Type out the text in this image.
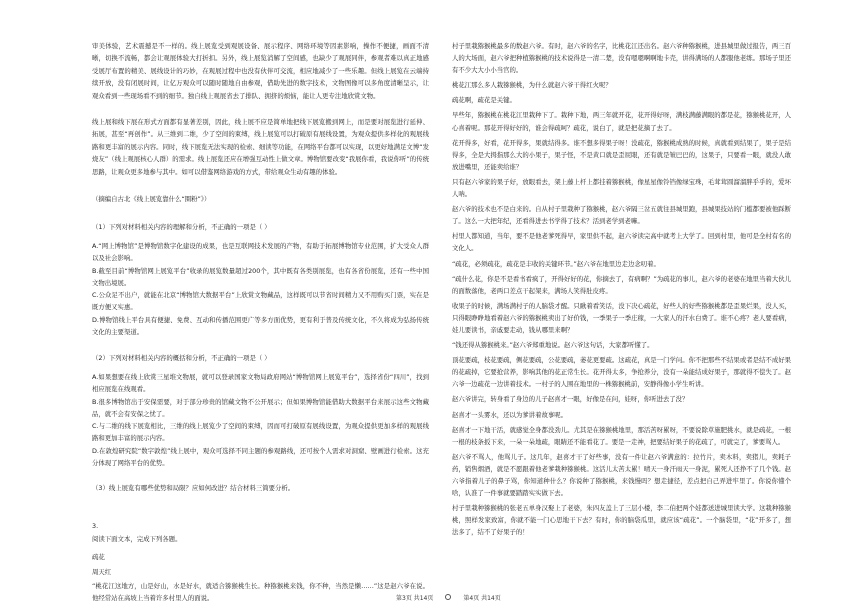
审美体验，艺术震撼是不一样的。线上展览受到观展设备、展示程序、网络环境等因素影响，操作不便捷，画面不清晰，切换不流畅，都会让观展体验大打折扣。另外，线上展览消解了空间感，也缺少了观展同伴，参观者难以真正地感受展厅布置的精美、展线设计的巧妙，在观展过程中也没有伙伴可交流，相应地减少了一些乐趣。但线上展览在云端持续开放，没有闭展时间，让亿万观众可以随时随地自由参观，借助先进的数字技术，文物图像可以多角度清晰呈示，让观众看到一些现场看不到的细节。独自线上观展省去了排队、拥挤的烦恼，能让人更专注地欣赏文物。

线上展和线下展在形式方面都有显著差别，因此，线上展不应是简单地把线下展览搬到网上，而是要对展览进行延伸、拓展，甚至“再创作”。从三维到二维，少了空间的束缚，线上展览可以打破原有展线设置，为观众提供多样化的观展线路和更丰富的展示内容。同时，线下展览无法实现的检索、细读等功能，在网络平台都可以实现，以更好地满足文博“发烧友”（线上观展核心人群）的需求。线上展览还应在增强互动性上做文章。博物馆要改变“我展你看，我说你听”的传统思路，让观众更多地参与其中。如可以借鉴网络游戏的方式，带给观众生动有趣的体验。

（摘编自古北《线上展览靠什么“圈粉”》）

（1）下列对材料相关内容的理解和分析，不正确的一项是（ ）

A.“网上博物馆”是博物馆数字化建设的成果，也是互联网技术发展的产物，有助于拓展博物馆专业范围，扩大受众人群以及社会影响。

B.截至目前“博物馆网上展览平台”收录的展览数量超过200个，其中既有各类别展览，也有各省份展览，还有一些中国文物出境展。

C.公众足不出户，就能在北京“博物馆大数据平台”上欣赏文物藏品，这样既可以节省时间精力又不用购买门票，实在是既方便又实惠。

D.博物馆线上平台具有便捷、免费、互动和传播范围更广等多方面优势，更有利于普及传统文化，不久将成为弘扬传统文化的主要渠道。

（2）下列对材料相关内容的概括和分析，不正确的一项是（ ）

A.如果想要在线上欣赏三星堆文物展，就可以登录国家文物局政府网站“博物馆网上展览平台”，选择省份“四川”，找到相应展览在线观看。

B.很多博物馆出于安保需要，对于部分珍贵的馆藏文物不公开展示；但如果博物馆能借助大数据平台来展示这些文物藏品，就不会有安保之忧了。

C.与二维的线下展览相比，三维的线上展览少了空间的束缚，因而可打破原有展线设置，为观众提供更加多样的观展线路和更加丰富的展示内容。

D.在敦煌研究院“数字敦煌”线上展中，观众可选择不同主题的参观路线，还可按个人需求对洞窟、壁画进行检索。这充分体现了网络平台的优势。

（3）线上展览有哪些优势和局限？应如何改进？结合材料三简要分析。

3.

阅读下面文本，完成下列各题。

疏花

周天红

“桃花江这地方，山是好山，水是好水，就适合猕猴桃生长。种猕猴桃来钱，你不种，当然是懒……”这是赵六爷在说。他经常站在高坡上当着许多村里人的面说。

村子里栽猕猴桃最多的数赵六爷。有时，赵六爷的名字，比桃花江还出名。赵六爷种猕猴桃，进县城里做过报告，两三百人的大场面，赵六爷把种植猕猴桃的技术说得是一清二楚，没有嗯嗯啊啊地卡壳，讲得满场的人都服他老练。那场子里还有不少大大小小当官的。

桃花江那么多人栽猕猴桃，为什么就赵六爷干得红火呢？

疏花啊，疏花是关键。

早些年，猕猴桃在桃花江里栽种下了。栽种下地，两三年就开花，花开得好呀，满枝满藤满眼的都是花，猕猴桃花开，人心喜着呢。那花开得好好的，谁会得疏呵？疏花，说白了，就是把花摘了去了。

花开得多，好看，花开得多，果就结得多。谁不想多得果子呀！没疏花，猕猴桃成熟的时候，真就看到结果了，果子是结得多，全是大拇指那么大的小果子，果子怪，不是黄口就是歪屁眼，还有就是皱巴巴的，这果子，只要看一眼，就没人敢放进嘴里，还能卖给谁？

只有赵六爷家的果子好，放眼看去，架上藤上杆上都挂着猕猴桃，像星星像铃铛像绿宝珠，毛茸茸圆溜溜胖乎乎的，爱坏人呐。

赵六爷的技术也不是白来的。自从村子里栽种了猕猴桃，赵六爷隔三岔五就往县城里跑，县城果技站的门槛都要被他踩断了。这么一大把年纪，还看得进去书学得了技术？活到老学到老嘛。

村里人都知道，当年，要不是他老爹死得早，家里供不起，赵六爷读完高中就考上大学了。回到村里，他可是全村有名的文化人。

“疏花，必须疏花，疏花是丰收的关键环节。”赵六爷在地里边走边念叨着。

“疏什么花，你是不是看书看疯了，开得好好的花，你摘去了，有病啊？”为疏花的事儿，赵六爷的老婆在地里当着大伙儿的面数落他，老两口差点干起架来，满场人笑得肚皮疼。

收果子的时候，满场满村子的人脑袋才醒。只瞅着看笑话，没下决心疏花，好些人的好些猕猴桃都是歪果烂果，没人买，只得眼睁睁地看着赵六爷的猕猴桃卖出了好价钱，一季果子一季庄稼，一大家人的汗水白费了。谁不心疼？老人要看病，娃儿要读书，亲戚要走动，钱从哪里来啊？

“钱还得从猕猴桃来。”赵六爷郑重地说。赵六爷这句话，大家都听懂了。

顶花要疏，枝花要疏，侧花要疏，公花要疏，萎花更要疏。这疏花，真是一门学问。你不把那些不结果或者是结不成好果的花疏掉，它要抢营养，影响其他的花正常生长。花开得太多，争抢养分，没有一朵能结成好果子，那就得不偿失了。赵六爷一边疏花一边讲着技术。一村子的人围在地里的一株猕猴桃前，安静得像小学生听讲。

赵六爷讲完，转身看了身边的儿子赵喜才一眼，好像是在问，娃呀，你听进去了没？

赵喜才一头雾水，还以为爹讲着故事呢。

赵喜才一下地干活，就感觉全身都没劲儿。尤其是在猕猴桃地里，那活苦呀累呀，不要说除草施肥挑水，就是疏花，一根一根的枝条扳下来，一朵一朵地疏，眼睛还不能看花了。要是一走神，把要结好果子的花疏了，可就完了，爹要骂人。

赵六爷不骂人，他骂儿子。这几年，赵喜才干了好些事，没有一件让赵六爷满意的：拉竹片，卖木料，卖猪儿，卖耗子药，销售烟酒，就是不愿跟着他老爹栽种猕猴桃。这活儿太苦太累！晴天一身汗雨天一身泥，累死人还挣不了几个钱。赵六爷指着儿子的鼻子骂，你知道种什么？你说种了猕猴桃，来钱慢吗？想走捷径，差点把自己弄进牢里了。你说你懂个啥，认准了一件事就要踏踏实实做下去。

村子里栽种猕猴桃的张老五单身汉娶上了老婆，朱四友盖上了三层小楼，李二伯把两个娃都送进城里读大学。这栽种猕猴桃，照样发家致富，你就不能一门心思地干下去？有时，你的脑袋瓜里，就应该“疏花”。一个脑袋里，“花”开多了，想法多了，结不了好果子的！

第3页 共14页	第4页 共14页
